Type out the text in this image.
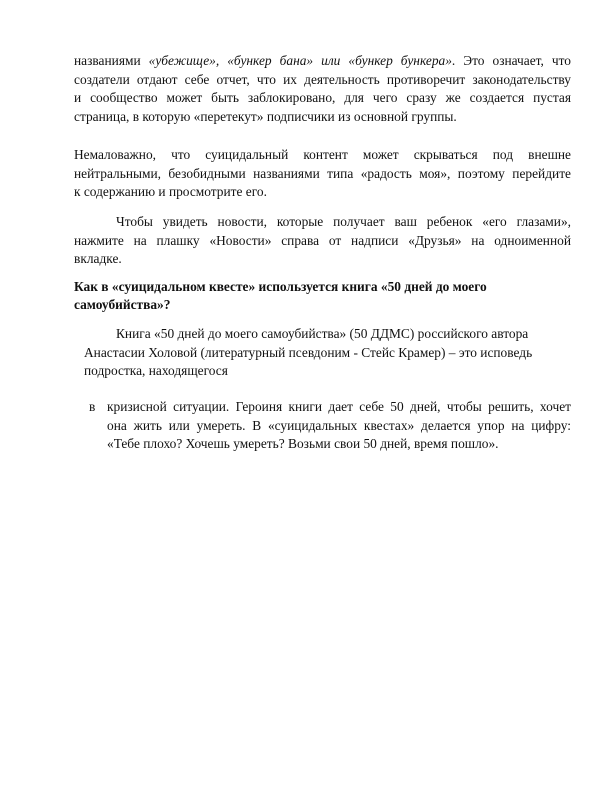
названиями «убежище», «бункер бана» или «бункер бункера». Это означает, что
создатели отдают себе отчет, что их деятельность противоречит законодательству
и сообщество может быть заблокировано, для чего сразу же создается пустая
страница, в которую «перетекут» подписчики из основной группы.

Немаловажно, что суицидальный контент может скрываться под внешне
нейтральными, безобидными названиями типа «радость моя», поэтому перейдите
к содержанию и просмотрите его.

Чтобы увидеть новости, которые получает ваш ребенок «его глазами»,
нажмите на плашку «Новости» справа от надписи «Друзья» на одноименной
вкладке.

Как в «суицидальном квесте» используется книга «50 дней до моего
самоубийства»?

Книга «50 дней до моего самоубийства» (50 ДДМС) российского автора
Анастасии Холовой (литературный псевдоним - Стейс Крамер) – это исповедь
подростка, находящегося

в кризисной ситуации. Героиня книги дает себе 50 дней, чтобы решить, хочет
она жить или умереть. В «суицидальных квестах» делается упор на цифру:
«Тебе плохо? Хочешь умереть? Возьми свои 50 дней, время пошло».
